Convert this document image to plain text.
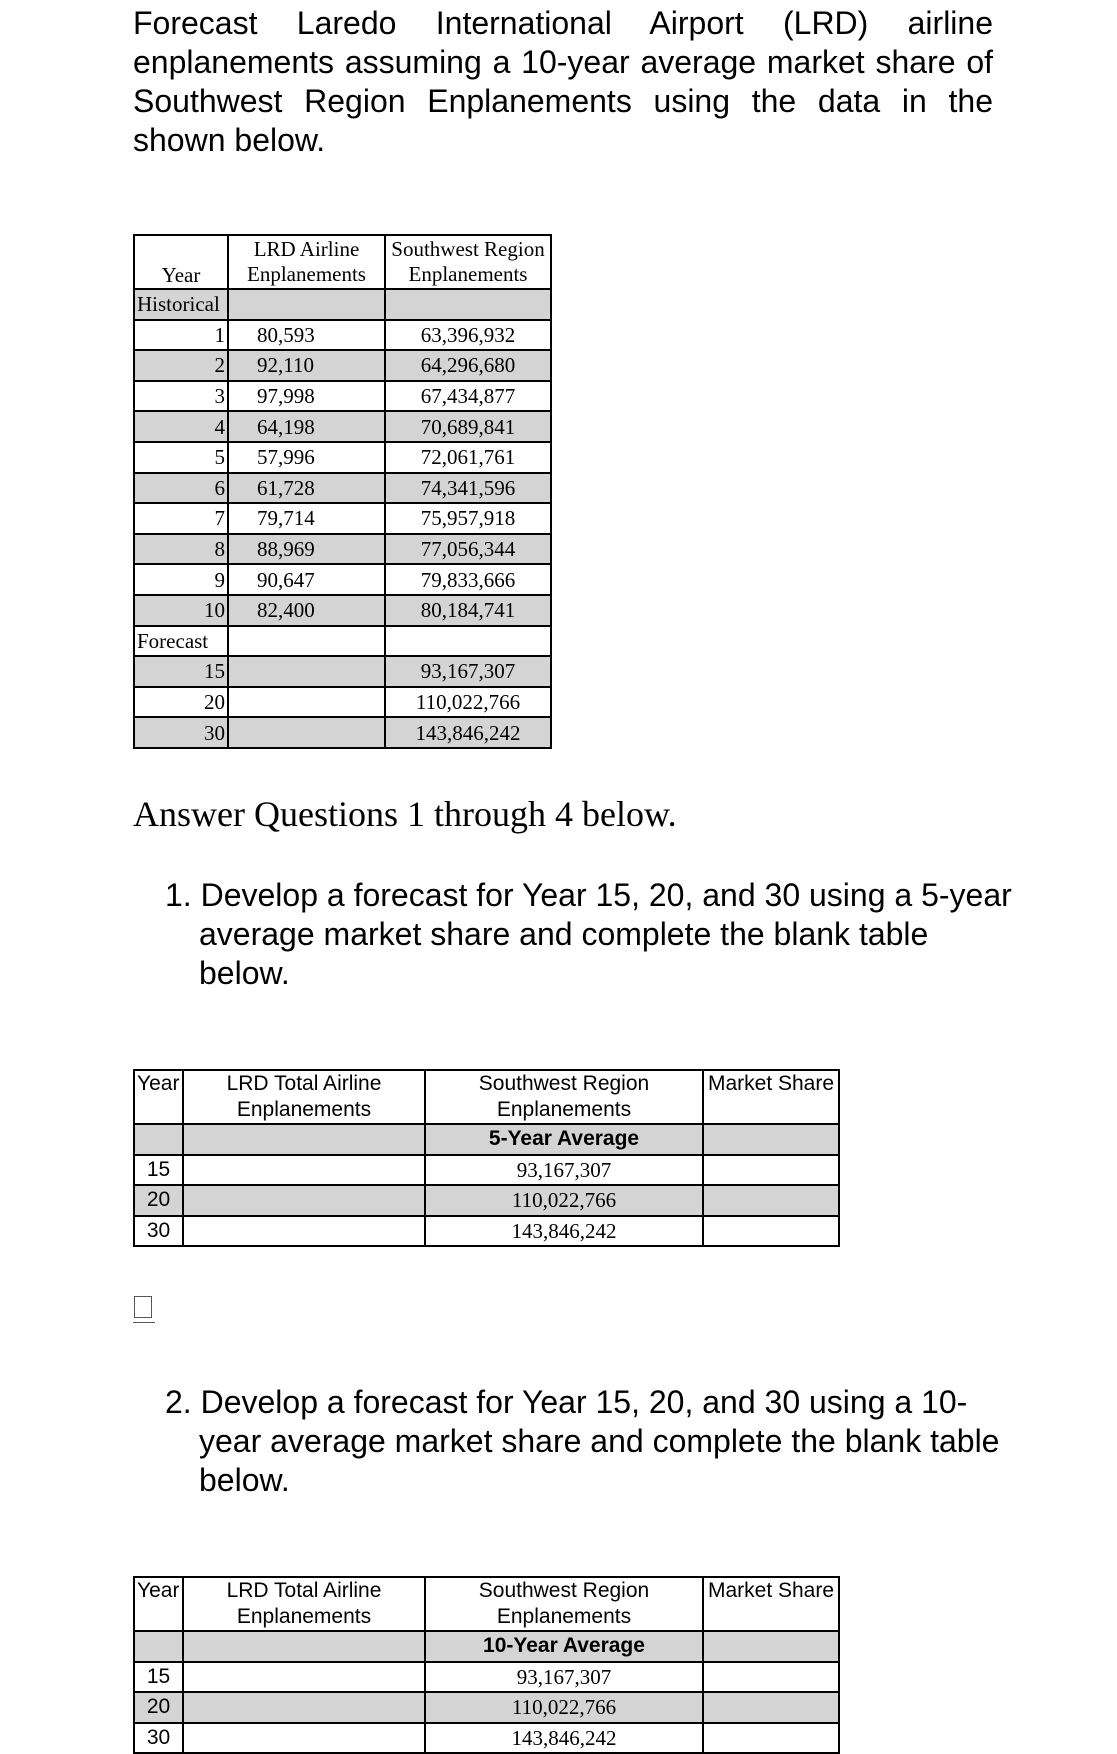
Forecast Laredo International Airport (LRD) airline enplanements assuming a 10-year average market share of Southwest Region Enplanements using the data in the shown below.

Year	LRD Airline Enplanements	Southwest Region Enplanements
Historical		
1	80,593	63,396,932
2	92,110	64,296,680
3	97,998	67,434,877
4	64,198	70,689,841
5	57,996	72,061,761
6	61,728	74,341,596
7	79,714	75,957,918
8	88,969	77,056,344
9	90,647	79,833,666
10	82,400	80,184,741
Forecast		
15		93,167,307
20		110,022,766
30		143,846,242

Answer Questions 1 through 4 below.

1. Develop a forecast for Year 15, 20, and 30 using a 5-year average market share and complete the blank table below.

Year	LRD Total Airline Enplanements	Southwest Region Enplanements	Market Share
		5-Year Average	
15		93,167,307	
20		110,022,766	
30		143,846,242	

2. Develop a forecast for Year 15, 20, and 30 using a 10-year average market share and complete the blank table below.

Year	LRD Total Airline Enplanements	Southwest Region Enplanements	Market Share
		10-Year Average	
15		93,167,307	
20		110,022,766	
30		143,846,242	
